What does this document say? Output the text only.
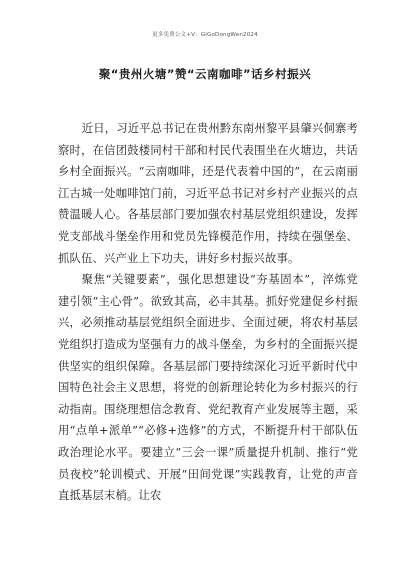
更多免费公文+V：GiGoDongWen2024
聚“贵州火塘”赞“云南咖啡”话乡村振兴

近日，习近平总书记在贵州黔东南州黎平县肇兴侗寨考察时，在信团鼓楼同村干部和村民代表围坐在火塘边，共话乡村全面振兴。“云南咖啡，还是代表着中国的”，在云南丽江古城一处咖啡馆门前，习近平总书记对乡村产业振兴的点赞温暖人心。各基层部门要加强农村基层党组织建设，发挥党支部战斗堡垒作用和党员先锋模范作用，持续在强堡垒、抓队伍、兴产业上下功夫，讲好乡村振兴故事。

聚焦“关键要素”，强化思想建设“夯基固本”，淬炼党建引领“主心骨”。欲致其高，必丰其基。抓好党建促乡村振兴，必须推动基层党组织全面进步、全面过硬，将农村基层党组织打造成为坚强有力的战斗堡垒，为乡村的全面振兴提供坚实的组织保障。各基层部门要持续深化习近平新时代中国特色社会主义思想，将党的创新理论转化为乡村振兴的行动指南。围绕理想信念教育、党纪教育产业发展等主题，采用“点单+派单”“必修+选修”的方式，不断提升村干部队伍政治理论水平。要建立“三会一课”质量提升机制、推行“党员夜校”轮训模式、开展“田间党课”实践教育，让党的声音直抵基层末梢。让农
